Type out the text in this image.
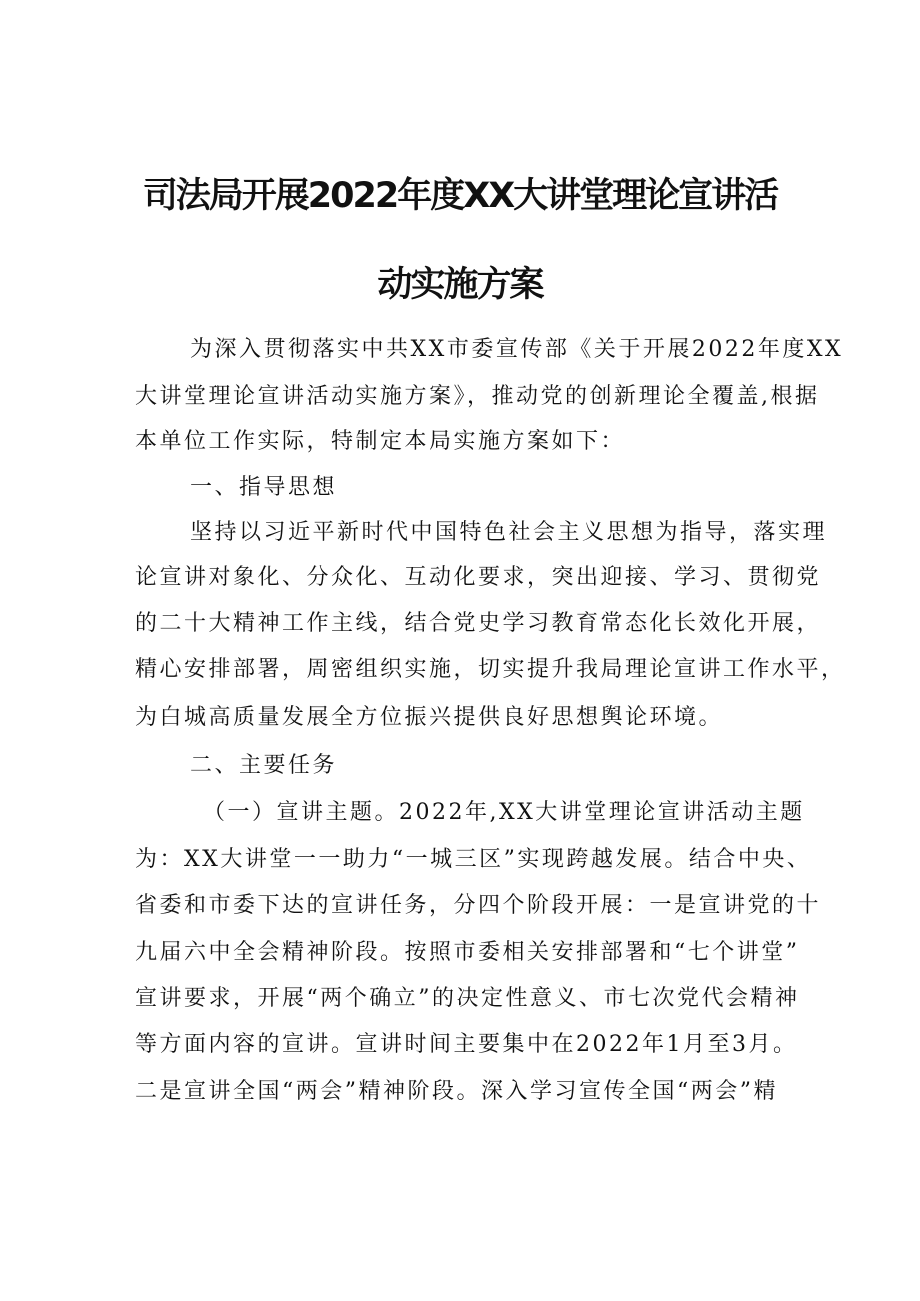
司法局开展2022年度XX大讲堂理论宣讲活
动实施方案
为深入贯彻落实中共XX市委宣传部《关于开展2022年度XX
大讲堂理论宣讲活动实施方案》，推动党的创新理论全覆盖,根据
本单位工作实际，特制定本局实施方案如下：
一、指导思想
坚持以习近平新时代中国特色社会主义思想为指导，落实理
论宣讲对象化、分众化、互动化要求，突出迎接、学习、贯彻党
的二十大精神工作主线，结合党史学习教育常态化长效化开展，
精心安排部署，周密组织实施，切实提升我局理论宣讲工作水平，
为白城高质量发展全方位振兴提供良好思想舆论环境。
二、主要任务
（一）宣讲主题。2022年,XX大讲堂理论宣讲活动主题
为：XX大讲堂一一助力“一城三区”实现跨越发展。结合中央、
省委和市委下达的宣讲任务，分四个阶段开展：一是宣讲党的十
九届六中全会精神阶段。按照市委相关安排部署和“七个讲堂”
宣讲要求，开展“两个确立”的决定性意义、市七次党代会精神
等方面内容的宣讲。宣讲时间主要集中在2022年1月至3月。
二是宣讲全国“两会”精神阶段。深入学习宣传全国“两会”精
